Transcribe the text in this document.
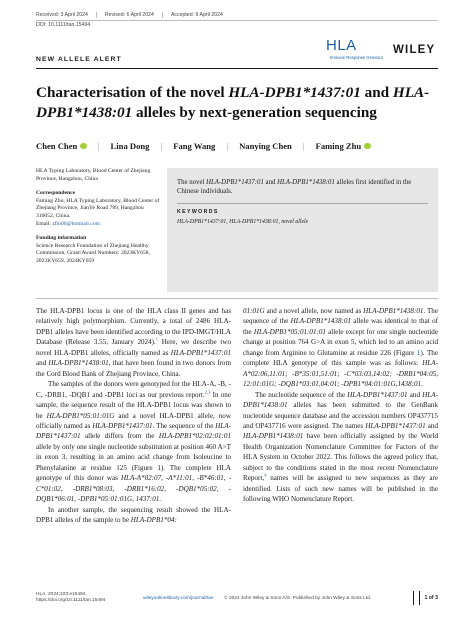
Received: 3 April 2024	Revised: 6 April 2024	Accepted: 9 April 2024
DOI: 10.1111/tan.15494
HLA
Immune Response Genetics
WILEY
NEW ALLELE ALERT
Characterisation of the novel HLA-DPB1*1437:01 and HLA-DPB1*1438:01 alleles by next-generation sequencing
Chen Chen | Lina Dong | Fang Wang | Nanying Chen | Faming Zhu
HLA Typing Laboratory, Blood Center of Zhejiang Province, Hangzhou, China
Correspondence
Faming Zhu, HLA Typing Laboratory, Blood Center of Zhejiang Province, JianYe Road 789, Hangzhou 310052, China.
Email: zfm00@hotmail.com
Funding information
Science Research Foundation of Zhejiang Healthy Commission, Grant/Award Numbers: 2023KY658, 2023KY659, 2024KY059
The novel HLA-DPB1*1437:01 and HLA-DPB1*1438:01 alleles first identified in the Chinese individuals.
KEYWORDS
HLA-DPB1*1437:01, HLA-DPB1*1438:01, novel allele

The HLA-DPB1 locus is one of the HLA class II genes and has relatively high polymorphism. Currently, a total of 2486 HLA-DPB1 alleles have been identified according to the IPD-IMGT/HLA Database (Release 3.55, January 2024).$^1$ Here, we describe two novel HLA-DPB1 alleles, officially named as HLA-DPB1*1437:01 and HLA-DPB1*1438:01, that have been found in two donors from the Cord Blood Bank of Zhejiang Province, China.

The samples of the donors were genotyped for the HLA-A, -B, -C, -DRB1, -DQB1 and -DPB1 loci as our previous report.$^{2,3}$ In one sample, the sequence result of the HLA-DPB1 locus was shown to be HLA-DPB1*05:01:01G and a novel HLA-DPB1 allele, now officially named as HLA-DPB1*1437:01. The sequence of the HLA-DPB1*1437:01 allele differs from the HLA-DPB1*02:02:01:01 allele by only one single nucleotide substitution at position 460 A>T in exon 3, resulting in an amino acid change from Isoleucine to Phenylalanine at residue 125 (Figure 1). The complete HLA genotype of this donor was HLA-A*02:07, -A*11:01, -B*46:01, -C*01:02, -DRB1*08:03, -DRB1*16:02, -DQB1*05:02, -DQB1*06:01, -DPB1*05:01:01G, 1437:01.

In another sample, the sequencing result showed the HLA-DPB1 alleles of the sample to be HLA-DPB1*04:

01:01G and a novel allele, now named as HLA-DPB1*1438:01. The sequence of the HLA-DPB1*1438:01 allele was identical to that of the HLA-DPB1*05:01:01:01 allele except for one single nucleotide change at position 764 G>A in exon 5, which led to an amino acid change from Arginine to Glutamine at residue 226 (Figure 1). The complete HLA genotype of this sample was as follows: HLA-A*02:06,11:01; -B*35:01,51:01; -C*03:03,14:02; -DRB1*04:05, 12:01:01G; -DQB1*03:01,04:01; -DPB1*04:01:01G,1438:01.

The nucleotide sequence of the HLA-DPB1*1437:01 and HLA-DPB1*1438:01 alleles has been submitted to the GenBank nucleotide sequence database and the accession numbers OP437715 and OP437716 were assigned. The names HLA-DPB1*1437:01 and HLA-DPB1*1438:01 have been officially assigned by the World Health Organization Nomenclature Committee for Factors of the HLA System in October 2022. This follows the agreed policy that, subject to the conditions stated in the most recent Nomenclature Report,$^4$ names will be assigned to new sequences as they are identified. Lists of such new names will be published in the following WHO Nomenclature Report.

HLA. 2024;103:e15494.
https://doi.org/10.1111/tan.15494	wileyonlinelibrary.com/journal/tan © 2024 John Wiley & Sons A/S. Published by John Wiley & Sons Ltd.	1 of 3
